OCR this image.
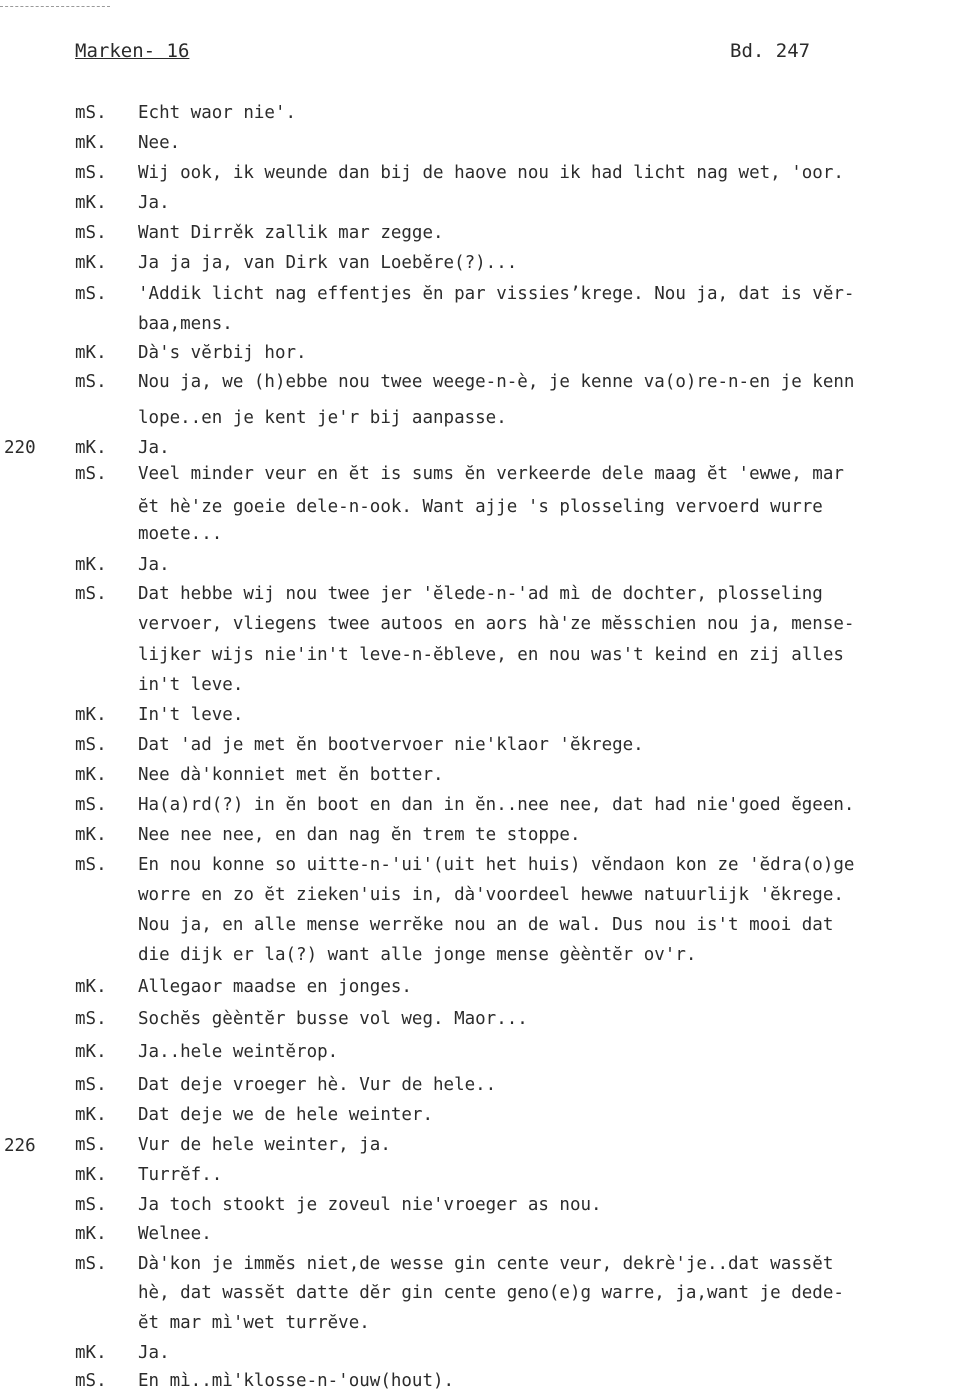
Marken- 16	Bd. 247
220
226
mS. Echt waor nie'.
mK. Nee.
mS. Wij ook, ik weunde dan bij de haove nou ik had licht nag wet, 'oor.
mK. Ja.
mS. Want Dirrěk zallik mar zegge.
mK. Ja ja ja, van Dirk van Loebĕre(?)...
mS. 'Addik licht nag effentjes ĕn par vissies’krege. Nou ja, dat is vĕr-
baa,mens.
mK. Dà's vĕrbij hor.
mS. Nou ja, we (h)ebbe nou twee weege-n-è, je kenne va(o)re-n-en je kenn
lope..en je kent je'r bij aanpasse.
mK. Ja.
mS. Veel minder veur en ĕt is sums ĕn verkeerde dele maag ĕt 'ewwe, mar
ĕt hè'ze goeie dele-n-ook. Want ajje 's plosseling vervoerd wurre
moete...
mK. Ja.
mS. Dat hebbe wij nou twee jer 'ĕlede-n-'ad mì de dochter, plosseling
vervoer, vliegens twee autoos en aors hà'ze mĕsschien nou ja, mense-
lijker wijs nie'in't leve-n-ĕbleve, en nou was't keind en zij alles
in't leve.
mK. In't leve.
mS. Dat 'ad je met ĕn bootvervoer nie'klaor 'ĕkrege.
mK. Nee dà'konniet met ĕn botter.
mS. Ha(a)rd(?) in ĕn boot en dan in ĕn..nee nee, dat had nie'goed ĕgeen.
mK. Nee nee nee, en dan nag ĕn trem te stoppe.
mS. En nou konne so uitte-n-'ui'(uit het huis) vĕndaon kon ze 'ĕdra(o)ge
worre en zo ĕt zieken'uis in, dà'voordeel hewwe natuurlijk 'ĕkrege.
Nou ja, en alle mense werrĕke nou an de wal. Dus nou is't mooi dat
die dijk er la(?) want alle jonge mense gèèntĕr ov'r.
mK. Allegaor maadse en jonges.
mS. Sochĕs gèèntĕr busse vol weg. Maor...
mK. Ja..hele weintĕrop.
mS. Dat deje vroeger hè. Vur de hele..
mK. Dat deje we de hele weinter.
mS. Vur de hele weinter, ja.
mK. Turrĕf..
mS. Ja toch stookt je zoveul nie'vroeger as nou.
mK. Welnee.
mS. Dà'kon je immĕs niet,de wesse gin cente veur, dekrè'je..dat wassĕt
hè, dat wassĕt datte dĕr gin cente geno(e)g warre, ja,want je dede-
ĕt mar mì'wet turrĕve.
mK. Ja.
mS. En mì..mì'klosse-n-'ouw(hout).
